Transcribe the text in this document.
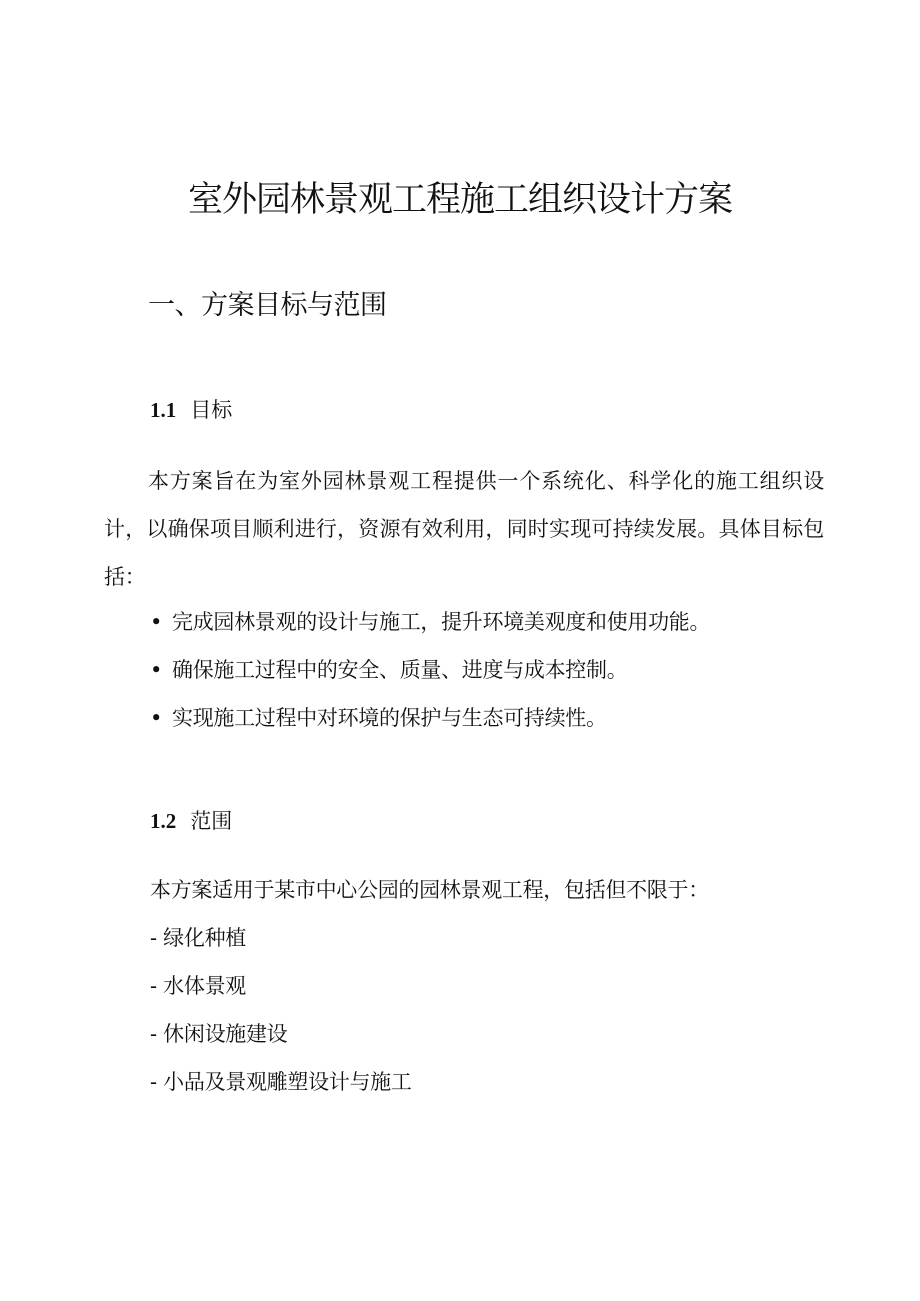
室外园林景观工程施工组织设计方案
一、方案目标与范围
1.1 目标

本方案旨在为室外园林景观工程提供一个系统化、科学化的施工组织设计，以确保项目顺利进行，资源有效利用，同时实现可持续发展。具体目标包括：

• 完成园林景观的设计与施工，提升环境美观度和使用功能。
• 确保施工过程中的安全、质量、进度与成本控制。
• 实现施工过程中对环境的保护与生态可持续性。
1.2 范围

本方案适用于某市中心公园的园林景观工程，包括但不限于：

- 绿化种植
- 水体景观
- 休闲设施建设
- 小品及景观雕塑设计与施工
